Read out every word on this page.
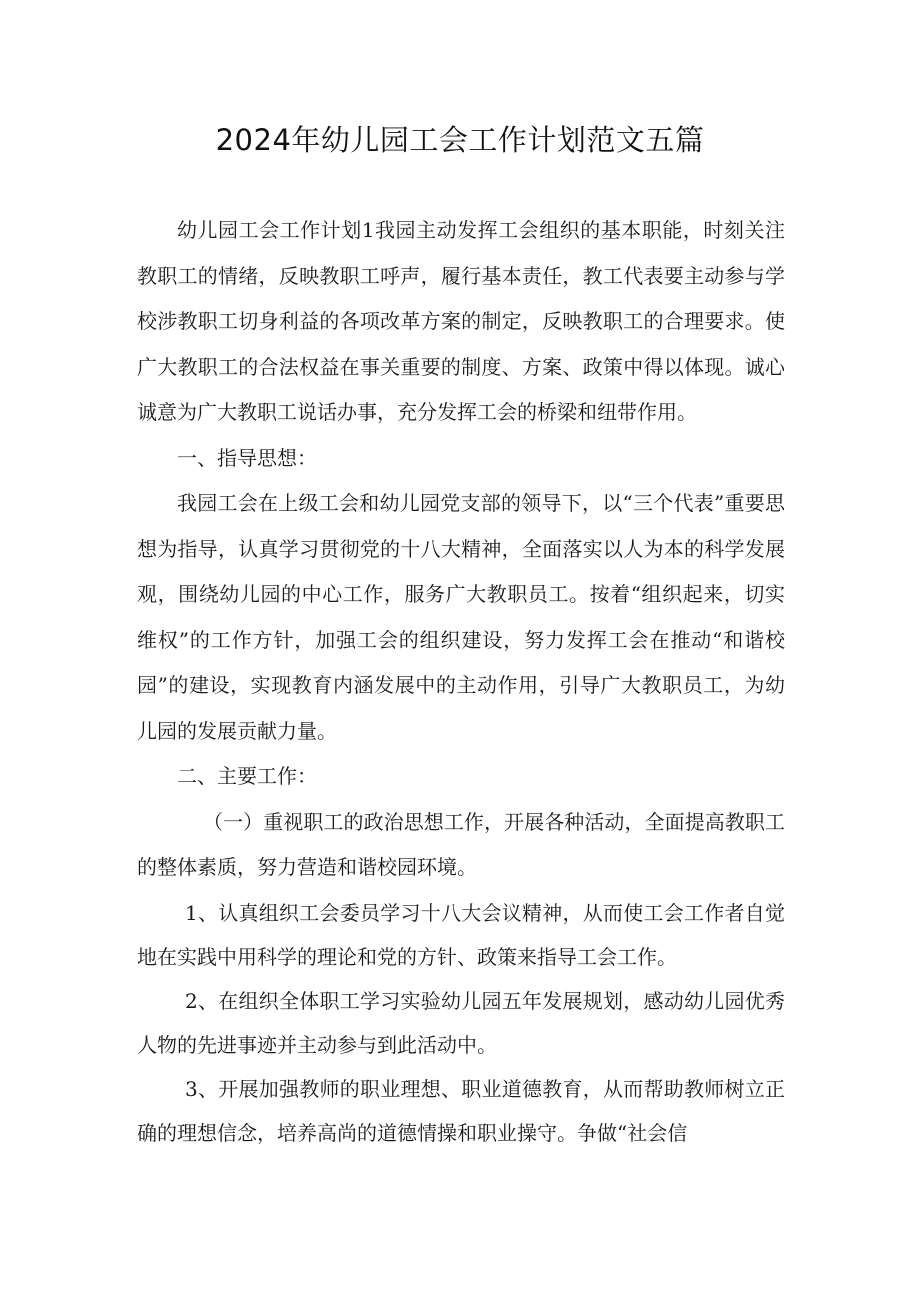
2024年幼儿园工会工作计划范文五篇

幼儿园工会工作计划1我园主动发挥工会组织的基本职能，时刻关注教职工的情绪，反映教职工呼声，履行基本责任，教工代表要主动参与学校涉教职工切身利益的各项改革方案的制定，反映教职工的合理要求。使广大教职工的合法权益在事关重要的制度、方案、政策中得以体现。诚心诚意为广大教职工说话办事，充分发挥工会的桥梁和纽带作用。

一、指导思想：

我园工会在上级工会和幼儿园党支部的领导下，以“三个代表”重要思想为指导，认真学习贯彻党的十八大精神，全面落实以人为本的科学发展观，围绕幼儿园的中心工作，服务广大教职员工。按着“组织起来，切实维权”的工作方针，加强工会的组织建设，努力发挥工会在推动“和谐校园”的建设，实现教育内涵发展中的主动作用，引导广大教职员工，为幼儿园的发展贡献力量。

二、主要工作：

（一）重视职工的政治思想工作，开展各种活动，全面提高教职工的整体素质，努力营造和谐校园环境。

1、认真组织工会委员学习十八大会议精神，从而使工会工作者自觉地在实践中用科学的理论和党的方针、政策来指导工会工作。

2、在组织全体职工学习实验幼儿园五年发展规划，感动幼儿园优秀人物的先进事迹并主动参与到此活动中。

3、开展加强教师的职业理想、职业道德教育，从而帮助教师树立正确的理想信念，培养高尚的道德情操和职业操守。争做“社会信
